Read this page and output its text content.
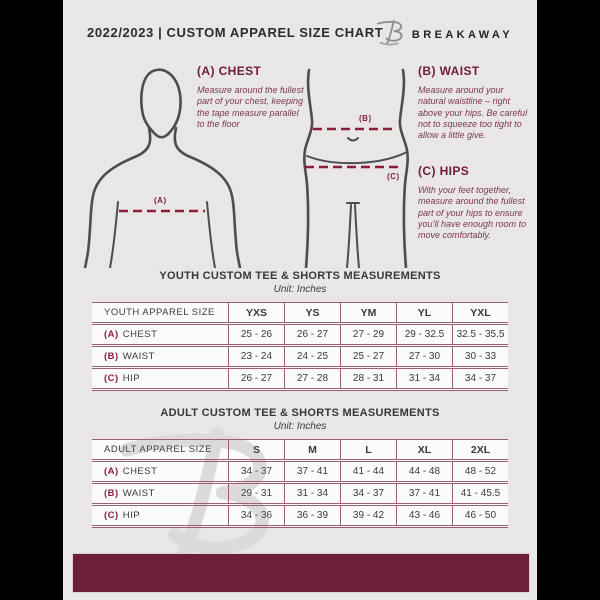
2022/2023 | CUSTOM APPAREL SIZE CHART	BREAKAWAY
(A)
(B)
(C)
(A) CHEST
Measure around the fullest part of your chest, keeping the tape measure parallel to the floor
(B) WAIST
Measure around your natural waistline – right above your hips. Be careful not to squeeze too tight to allow a little give.
(C) HIPS
With your feet together, measure around the fullest part of your hips to ensure you’ll have enough room to move comfortably.
YOUTH CUSTOM TEE & SHORTS MEASUREMENTS
Unit: Inches
YOUTH APPAREL SIZE	YXS	YS	YM	YL	YXL
(A) CHEST	25 - 26	26 - 27	27 - 29	29 - 32.5	32.5 - 35.5
(B) WAIST	23 - 24	24 - 25	25 - 27	27 - 30	30 - 33
(C) HIP	26 - 27	27 - 28	28 - 31	31 - 34	34 - 37
ADULT CUSTOM TEE & SHORTS MEASUREMENTS
Unit: Inches
ADULT APPAREL SIZE	S	M	L	XL	2XL
(A) CHEST	34 - 37	37 - 41	41 - 44	44 - 48	48 - 52
(B) WAIST	29 - 31	31 - 34	34 - 37	37 - 41	41 - 45.5
(C) HIP	34 - 36	36 - 39	39 - 42	43 - 46	46 - 50
